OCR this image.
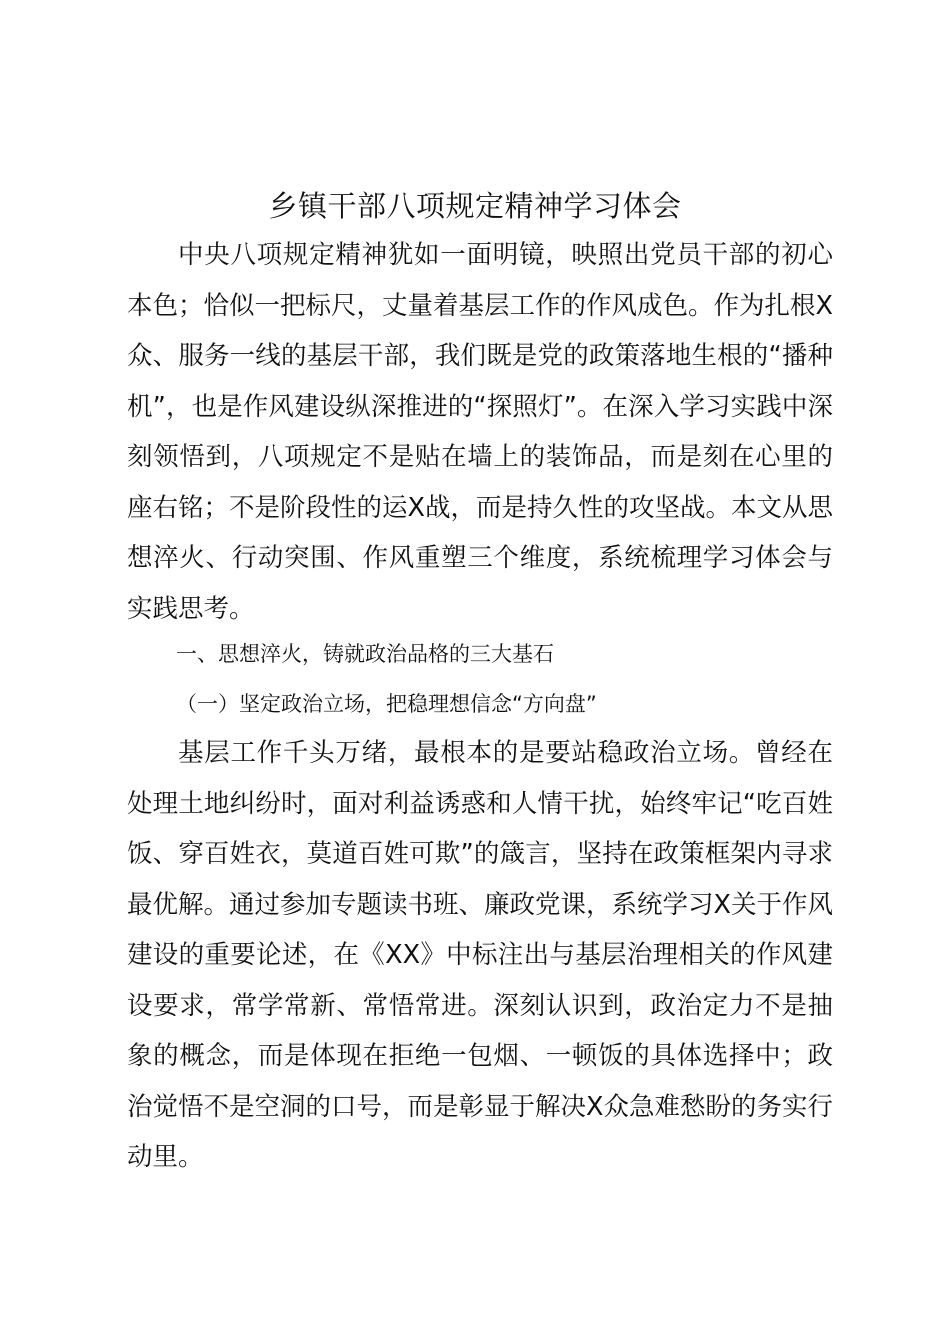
乡镇干部八项规定精神学习体会

中央八项规定精神犹如一面明镜，映照出党员干部的初心本色；恰似一把标尺，丈量着基层工作的作风成色。作为扎根X众、服务一线的基层干部，我们既是党的政策落地生根的“播种机”，也是作风建设纵深推进的“探照灯”。在深入学习实践中深刻领悟到，八项规定不是贴在墙上的装饰品，而是刻在心里的座右铭；不是阶段性的运X战，而是持久性的攻坚战。本文从思想淬火、行动突围、作风重塑三个维度，系统梳理学习体会与实践思考。

一、思想淬火，铸就政治品格的三大基石

（一）坚定政治立场，把稳理想信念“方向盘”

基层工作千头万绪，最根本的是要站稳政治立场。曾经在处理土地纠纷时，面对利益诱惑和人情干扰，始终牢记“吃百姓饭、穿百姓衣，莫道百姓可欺”的箴言，坚持在政策框架内寻求最优解。通过参加专题读书班、廉政党课，系统学习X关于作风建设的重要论述，在《XX》中标注出与基层治理相关的作风建设要求，常学常新、常悟常进。深刻认识到，政治定力不是抽象的概念，而是体现在拒绝一包烟、一顿饭的具体选择中；政治觉悟不是空洞的口号，而是彰显于解决X众急难愁盼的务实行动里。
